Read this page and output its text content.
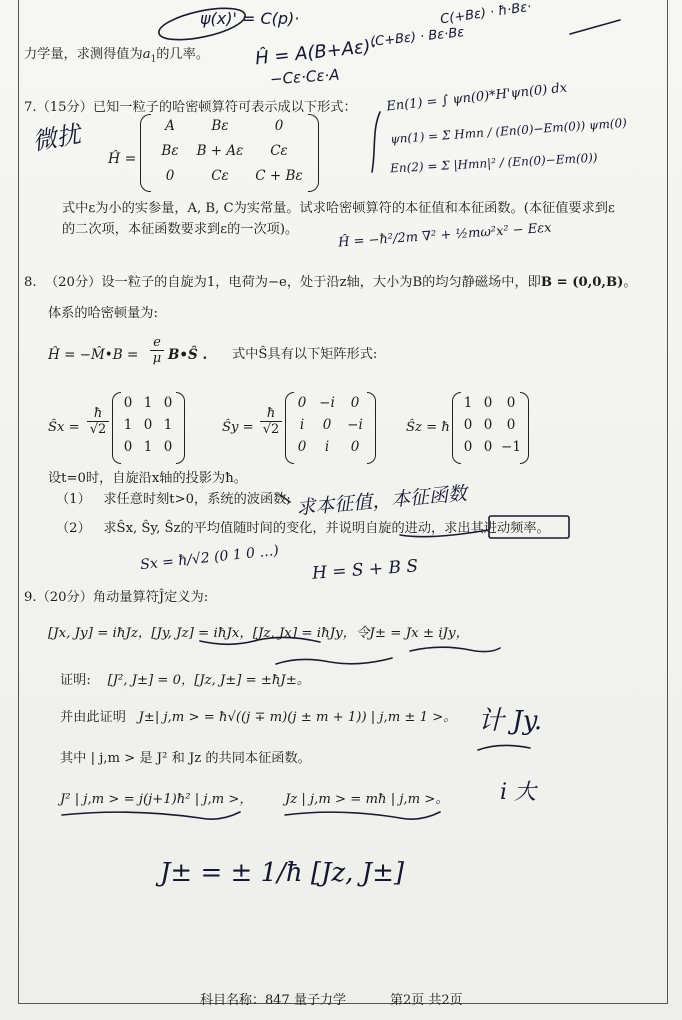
力学量，求测得值为$a_1$的几率。
7.（15分）已知一粒子的哈密顿算符可表示成以下形式：
Ĥ =
A	Bε	0
Bε	B + Aε	Cε
0	Cε	C + Bε
式中ε为小的实参量，A, B, C为实常量。试求哈密顿算符的本征值和本征函数。(本征值要求到ε
的二次项，本征函数要求到ε的一次项)。
8. （20分）设一粒子的自旋为1，电荷为−e，处于沿z轴，大小为B的均匀静磁场中，即B = (0,0,B)。
体系的哈密顿量为:
Ĥ = −M̂•B = $\frac{e}{\mu}$ B•Ŝ . 式中Ŝ具有以下矩阵形式:
Ŝx = $\frac{ħ}{√2}$
0 1 0
1 0 1
0 1 0
Ŝy = $\frac{ħ}{√2}$
0 −i	0
i	0	−i
0	i	0
Ŝz = ħ
1 0	0
0 0	0
0 0 −1
设t=0时，自旋沿x轴的投影为ħ。
（1） 求任意时刻t>0，系统的波函数;
（2） 求Ŝx, Ŝy, Ŝz的平均值随时间的变化，并说明自旋的进动，求出其进动频率。
9.（20分）角动量算符Ĵ定义为:
[Jx, Jy] = iħJz，[Jy, Jz] = iħJx，[Jz, Jx] = iħJy，令J± = Jx ± iJy，
证明: [J², J±] = 0，[Jz, J±] = ±ħJ±。
并由此证明 J±| j,m > = ħ√((j ∓ m)(j ± m + 1)) | j,m ± 1 >。
其中 | j,m > 是 J² 和 Jz 的共同本征函数。
J² | j,m > = j(j+1)ħ² | j,m >， Jz | j,m > = mħ | j,m >。
科目名称：847 量子力学	第2页 共2页
ψ(x)' = C(p)·	C(+Bε) · ħ·Bε·
(C+Bε) · Bε·Bε
Ĥ = A(B+Aε)·
−Cε·Cε·A
En(1) = ∫ ψn(0)*H'ψn(0) dx
ψn(1) = Σ Hmn / (En(0)−Em(0)) ψm(0)
En(2) = Σ |Hmn|² / (En(0)−Em(0))
微扰
Ĥ = −ħ²/2m ∇² + ½mω²x² − Eεx
求本征值，本征函数
Sx = ħ/√2 (0 1 0 …) H = S + B S
计 Jy.
i 大
J± = ± 1/ħ [Jz, J±]
